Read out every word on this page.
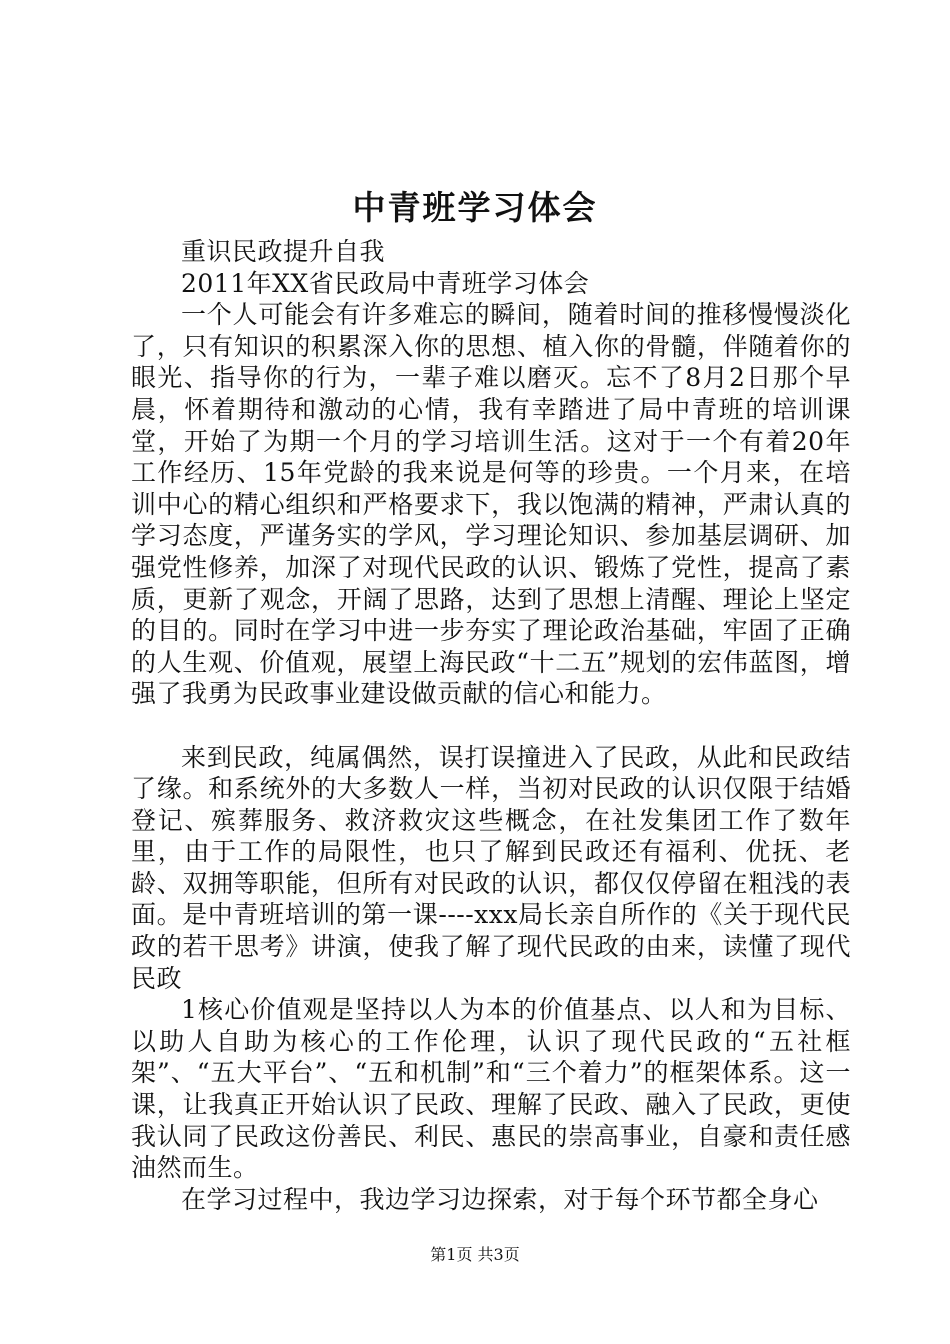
中青班学习体会

重识民政提升自我

2011年XX省民政局中青班学习体会

一个人可能会有许多难忘的瞬间，随着时间的推移慢慢淡化了，只有知识的积累深入你的思想、植入你的骨髓，伴随着你的眼光、指导你的行为，一辈子难以磨灭。忘不了8月2日那个早晨，怀着期待和激动的心情，我有幸踏进了局中青班的培训课堂，开始了为期一个月的学习培训生活。这对于一个有着20年工作经历、15年党龄的我来说是何等的珍贵。一个月来，在培训中心的精心组织和严格要求下，我以饱满的精神，严肃认真的学习态度，严谨务实的学风，学习理论知识、参加基层调研、加强党性修养，加深了对现代民政的认识、锻炼了党性，提高了素质，更新了观念，开阔了思路，达到了思想上清醒、理论上坚定的目的。同时在学习中进一步夯实了理论政治基础，牢固了正确的人生观、价值观，展望上海民政“十二五”规划的宏伟蓝图，增强了我勇为民政事业建设做贡献的信心和能力。

来到民政，纯属偶然，误打误撞进入了民政，从此和民政结了缘。和系统外的大多数人一样，当初对民政的认识仅限于结婚登记、殡葬服务、救济救灾这些概念，在社发集团工作了数年里，由于工作的局限性，也只了解到民政还有福利、优抚、老龄、双拥等职能，但所有对民政的认识，都仅仅停留在粗浅的表面。是中青班培训的第一课----xxx局长亲自所作的《关于现代民政的若干思考》讲演，使我了解了现代民政的由来，读懂了现代民政

1核心价值观是坚持以人为本的价值基点、以人和为目标、以助人自助为核心的工作伦理，认识了现代民政的“五社框架”、“五大平台”、“五和机制”和“三个着力”的框架体系。这一课，让我真正开始认识了民政、理解了民政、融入了民政，更使我认同了民政这份善民、利民、惠民的崇高事业，自豪和责任感油然而生。

在学习过程中，我边学习边探索，对于每个环节都全身心

第1页 共3页
